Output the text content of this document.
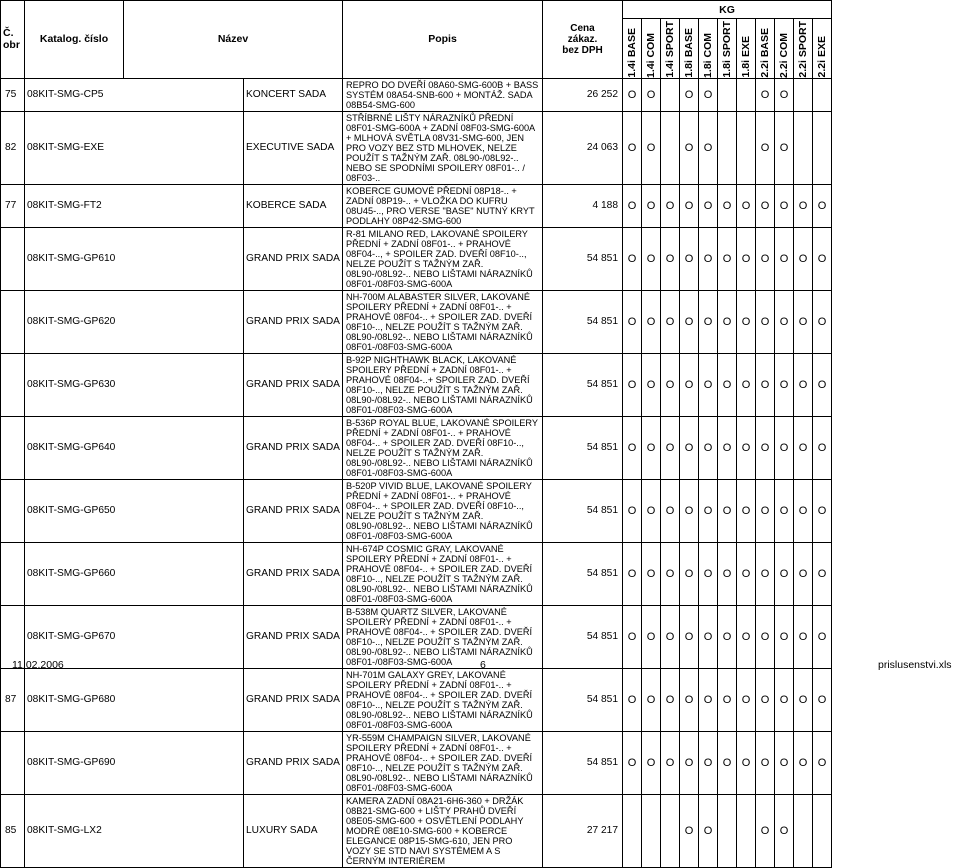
Č.
obr	Katalog. číslo	Název		Popis	Cena
zákaz.
bez DPH	KG										

						1.4i BASE	1.4i COM	1.4i SPORT	1.8i BASE	1.8i COM	1.8i SPORT	1.8i EXE	2.2i BASE	2.2i COM	2.2i SPORT	2.2i EXE

75	08KIT-SMG-CP5		KONCERT SADA	REPRO DO DVEŘÍ 08A60-SMG-600B + BASS SYSTÉM 08A54-SNB-600 + MONTÁŽ. SADA 08B54-SMG-600	26 252	O	O		O	O			O	O		
82	08KIT-SMG-EXE		EXECUTIVE SADA	STŘÍBRNÉ LIŠTY NÁRAZNÍKŮ PŘEDNÍ 08F01-SMG-600A + ZADNÍ 08F03-SMG-600A + MLHOVÁ SVĚTLA 08V31-SMG-600, JEN PRO VOZY BEZ STD MLHOVEK, NELZE POUŽÍT S TAŽNÝM ZAŘ. 08L90-/08L92-.. NEBO SE SPODNÍMI SPOILERY 08F01-.. / 08F03-..	24 063	O	O		O	O			O	O		
77	08KIT-SMG-FT2		KOBERCE SADA	KOBERCE GUMOVÉ PŘEDNÍ 08P18-.. + ZADNÍ 08P19-.. + VLOŽKA DO KUFRU 08U45-.., PRO VERSE "BASE" NUTNÝ KRYT PODLAHY 08P42-SMG-600	4 188	O	O	O	O	O	O	O	O	O	O	O
	08KIT-SMG-GP610		GRAND PRIX SADA	R-81 MILANO RED, LAKOVANÉ SPOILERY PŘEDNÍ + ZADNÍ 08F01-.. + PRAHOVÉ 08F04-.., + SPOILER ZAD. DVEŘÍ 08F10-.., NELZE POUŽÍT S TAŽNÝM ZAŘ. 08L90-/08L92-.. NEBO LIŠTAMI NÁRAZNÍKŮ 08F01-/08F03-SMG-600A	54 851	O	O	O	O	O	O	O	O	O	O	O
	08KIT-SMG-GP620		GRAND PRIX SADA	NH-700M ALABASTER SILVER, LAKOVANÉ SPOILERY PŘEDNÍ + ZADNÍ 08F01-.. + PRAHOVÉ 08F04-.. + SPOILER ZAD. DVEŘÍ 08F10-.., NELZE POUŽÍT S TAŽNÝM ZAŘ. 08L90-/08L92-.. NEBO LIŠTAMI NÁRAZNÍKŮ 08F01-/08F03-SMG-600A	54 851	O	O	O	O	O	O	O	O	O	O	O
	08KIT-SMG-GP630		GRAND PRIX SADA	B-92P NIGHTHAWK BLACK, LAKOVANÉ SPOILERY PŘEDNÍ + ZADNÍ 08F01-.. + PRAHOVÉ 08F04-..+ SPOILER ZAD. DVEŘÍ 08F10-.., NELZE POUŽÍT S TAŽNÝM ZAŘ. 08L90-/08L92-.. NEBO LIŠTAMI NÁRAZNÍKŮ 08F01-/08F03-SMG-600A	54 851	O	O	O	O	O	O	O	O	O	O	O
	08KIT-SMG-GP640		GRAND PRIX SADA	B-536P ROYAL BLUE, LAKOVANÉ SPOILERY PŘEDNÍ + ZADNÍ 08F01-.. + PRAHOVÉ 08F04-.. + SPOILER ZAD. DVEŘÍ 08F10-.., NELZE POUŽÍT S TAŽNÝM ZAŘ. 08L90-/08L92-.. NEBO LIŠTAMI NÁRAZNÍKŮ 08F01-/08F03-SMG-600A	54 851	O	O	O	O	O	O	O	O	O	O	O
	08KIT-SMG-GP650		GRAND PRIX SADA	B-520P VIVID BLUE, LAKOVANÉ SPOILERY PŘEDNÍ + ZADNÍ 08F01-.. + PRAHOVÉ 08F04-.. + SPOILER ZAD. DVEŘÍ 08F10-.., NELZE POUŽÍT S TAŽNÝM ZAŘ. 08L90-/08L92-.. NEBO LIŠTAMI NÁRAZNÍKŮ 08F01-/08F03-SMG-600A	54 851	O	O	O	O	O	O	O	O	O	O	O
	08KIT-SMG-GP660		GRAND PRIX SADA	NH-674P COSMIC GRAY, LAKOVANÉ SPOILERY PŘEDNÍ + ZADNÍ 08F01-.. + PRAHOVÉ 08F04-.. + SPOILER ZAD. DVEŘÍ 08F10-.., NELZE POUŽÍT S TAŽNÝM ZAŘ. 08L90-/08L92-.. NEBO LIŠTAMI NÁRAZNÍKŮ 08F01-/08F03-SMG-600A	54 851	O	O	O	O	O	O	O	O	O	O	O
	08KIT-SMG-GP670		GRAND PRIX SADA	B-538M QUARTZ SILVER, LAKOVANÉ SPOILERY PŘEDNÍ + ZADNÍ 08F01-.. + PRAHOVÉ 08F04-.. + SPOILER ZAD. DVEŘÍ 08F10-.., NELZE POUŽÍT S TAŽNÝM ZAŘ. 08L90-/08L92-.. NEBO LIŠTAMI NÁRAZNÍKŮ 08F01-/08F03-SMG-600A	54 851	O	O	O	O	O	O	O	O	O	O	O
87	08KIT-SMG-GP680		GRAND PRIX SADA	NH-701M GALAXY GREY, LAKOVANÉ SPOILERY PŘEDNÍ + ZADNÍ 08F01-.. + PRAHOVÉ 08F04-.. + SPOILER ZAD. DVEŘÍ 08F10-.., NELZE POUŽÍT S TAŽNÝM ZAŘ. 08L90-/08L92-.. NEBO LIŠTAMI NÁRAZNÍKŮ 08F01-/08F03-SMG-600A	54 851	O	O	O	O	O	O	O	O	O	O	O
	08KIT-SMG-GP690		GRAND PRIX SADA	YR-559M CHAMPAIGN SILVER, LAKOVANÉ SPOILERY PŘEDNÍ + ZADNÍ 08F01-.. + PRAHOVÉ 08F04-.. + SPOILER ZAD. DVEŘÍ 08F10-.., NELZE POUŽÍT S TAŽNÝM ZAŘ. 08L90-/08L92-.. NEBO LIŠTAMI NÁRAZNÍKŮ 08F01-/08F03-SMG-600A	54 851	O	O	O	O	O	O	O	O	O	O	O
85	08KIT-SMG-LX2		LUXURY SADA	KAMERA ZADNÍ 08A21-6H6-360 + DRŽÁK 08B21-SMG-600 + LIŠTY PRAHŮ DVEŘÍ 08E05-SMG-600 + OSVĚTLENÍ PODLAHY MODRÉ 08E10-SMG-600 + KOBERCE ELEGANCE 08P15-SMG-610, JEN PRO VOZY SE STD NAVI SYSTÉMEM A S ČERNÝM INTERIÉREM	27 217				O	O			O	O		
11.02.2006	6	prislusenstvi.xls
